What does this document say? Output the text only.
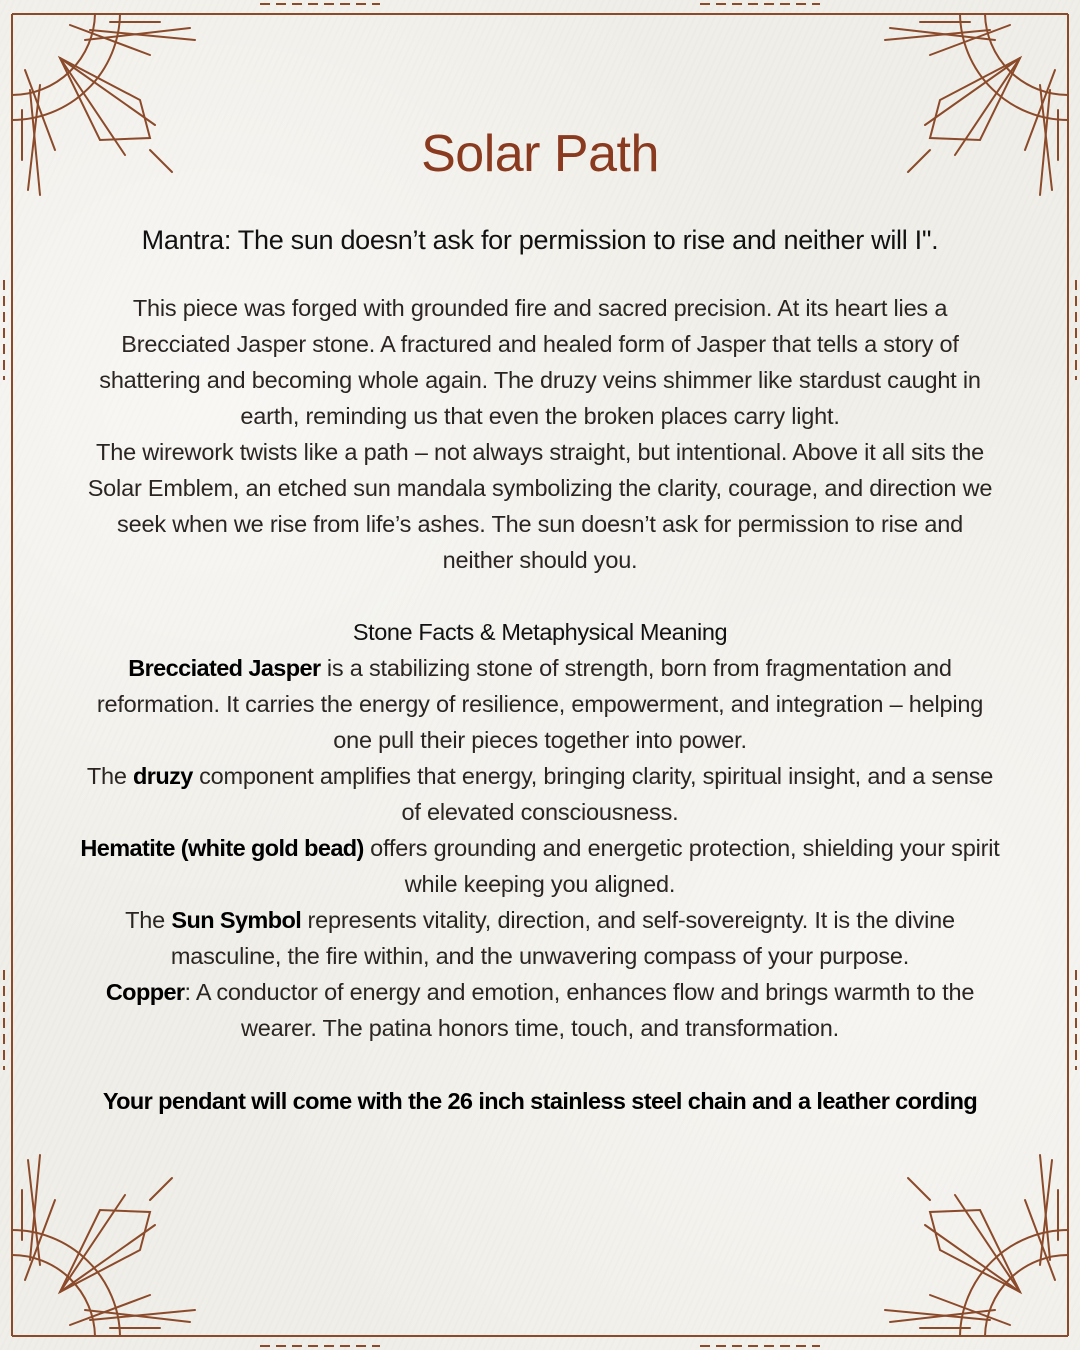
Solar Path

Mantra: The sun doesn’t ask for permission to rise and neither will I".

This piece was forged with grounded fire and sacred precision. At its heart lies a Brecciated Jasper stone. A fractured and healed form of Jasper that tells a story of shattering and becoming whole again. The druzy veins shimmer like stardust caught in earth, reminding us that even the broken places carry light.

The wirework twists like a path – not always straight, but intentional. Above it all sits the Solar Emblem, an etched sun mandala symbolizing the clarity, courage, and direction we seek when we rise from life’s ashes. The sun doesn’t ask for permission to rise and neither should you.

Stone Facts & Metaphysical Meaning

Brecciated Jasper is a stabilizing stone of strength, born from fragmentation and reformation. It carries the energy of resilience, empowerment, and integration – helping one pull their pieces together into power.

The druzy component amplifies that energy, bringing clarity, spiritual insight, and a sense of elevated consciousness.

Hematite (white gold bead) offers grounding and energetic protection, shielding your spirit while keeping you aligned.

The Sun Symbol represents vitality, direction, and self-sovereignty. It is the divine masculine, the fire within, and the unwavering compass of your purpose.

Copper: A conductor of energy and emotion, enhances flow and brings warmth to the wearer. The patina honors time, touch, and transformation.

Your pendant will come with the 26 inch stainless steel chain and a leather cording
